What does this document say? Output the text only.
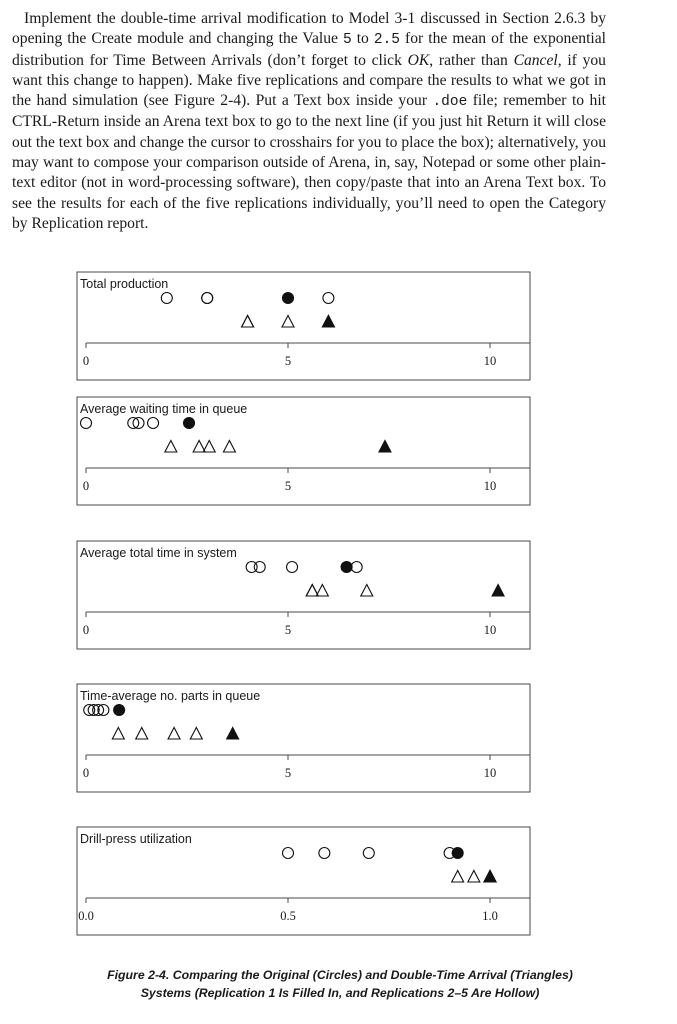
Implement the double-time arrival modification to Model 3-1 discussed in Section 2.6.3 by opening the Create module and changing the Value 5 to 2.5 for the mean of the exponential distribution for Time Between Arrivals (don’t forget to click OK, rather than Cancel, if you want this change to happen). Make five replications and compare the results to what we got in the hand simulation (see Figure 2-4). Put a Text box inside your .doe file; remember to hit CTRL-Return inside an Arena text box to go to the next line (if you just hit Return it will close out the text box and change the cursor to crosshairs for you to place the box); alternatively, you may want to compose your comparison outside of Arena, in, say, Notepad or some other plain-text editor (not in word-processing software), then copy/paste that into an Arena Text box. To see the results for each of the five replications individually, you’ll need to open the Category by Replication report.

Total production
0	5	10
Average waiting time in queue
0	5	10
Average total time in system
0	5	10
Time-average no. parts in queue
0	5	10
Drill-press utilization
0.0	0.5	1.0

Figure 2-4. Comparing the Original (Circles) and Double-Time Arrival (Triangles)
Systems (Replication 1 Is Filled In, and Replications 2–5 Are Hollow)
